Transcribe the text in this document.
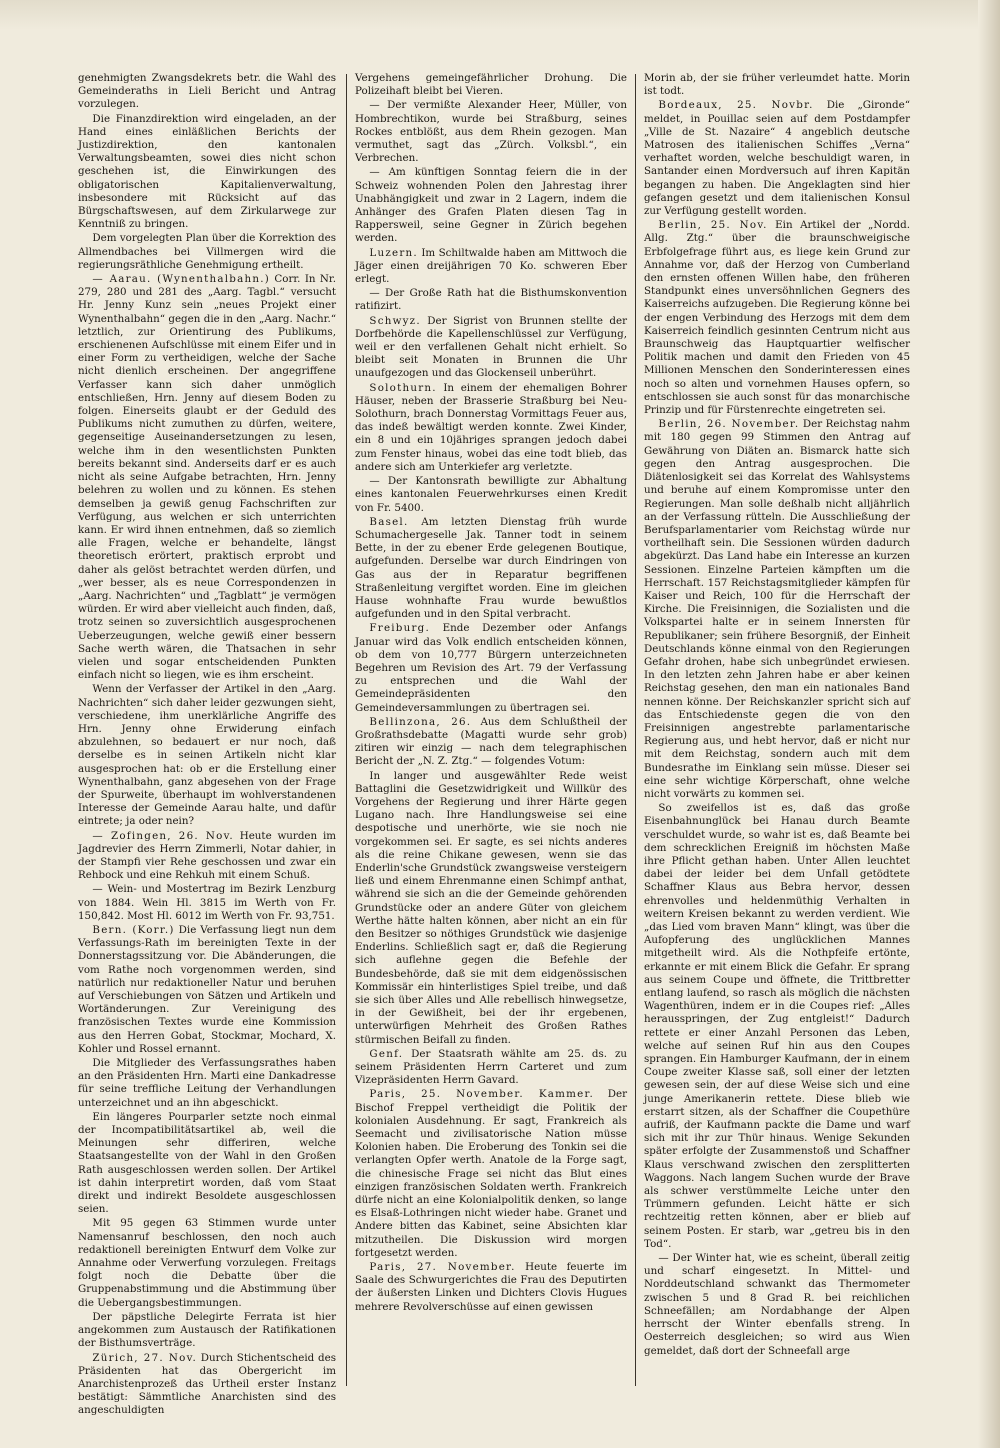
genehmigten Zwangsdekrets betr. die Wahl des Gemeinderaths in Lieli Bericht und Antrag vorzulegen.

Die Finanzdirektion wird eingeladen, an der Hand eines einläßlichen Berichts der Justizdirektion, den kantonalen Verwaltungsbeamten, sowei dies nicht schon geschehen ist, die Einwirkungen des obligatorischen Kapitalienverwaltung, insbesondere mit Rücksicht auf das Bürgschaftswesen, auf dem Zirkularwege zur Kenntniß zu bringen.

Dem vorgelegten Plan über die Korrektion des Allmendbaches bei Villmergen wird die regierungsräthliche Genehmigung ertheilt.

— Aarau. (Wynenthalbahn.) Corr. In Nr. 279, 280 und 281 des „Aarg. Tagbl.“ versucht Hr. Jenny Kunz sein „neues Projekt einer Wynenthalbahn“ gegen die in den „Aarg. Nachr.“ letztlich, zur Orientirung des Publikums, erschienenen Aufschlüsse mit einem Eifer und in einer Form zu vertheidigen, welche der Sache nicht dienlich erscheinen. Der angegriffene Verfasser kann sich daher unmöglich entschließen, Hrn. Jenny auf diesem Boden zu folgen. Einerseits glaubt er der Geduld des Publikums nicht zumuthen zu dürfen, weitere, gegenseitige Auseinandersetzungen zu lesen, welche ihm in den wesentlichsten Punkten bereits bekannt sind. Anderseits darf er es auch nicht als seine Aufgabe betrachten, Hrn. Jenny belehren zu wollen und zu können. Es stehen demselben ja gewiß genug Fachschriften zur Verfügung, aus welchen er sich unterrichten kann. Er wird ihnen entnehmen, daß so ziemlich alle Fragen, welche er behandelte, längst theoretisch erörtert, praktisch erprobt und daher als gelöst betrachtet werden dürfen, und „wer besser, als es neue Correspondenzen in „Aarg. Nachrichten“ und „Tagblatt“ je vermögen würden. Er wird aber vielleicht auch finden, daß, trotz seinen so zuversichtlich ausgesprochenen Ueberzeugungen, welche gewiß einer bessern Sache werth wären, die Thatsachen in sehr vielen und sogar entscheidenden Punkten einfach nicht so liegen, wie es ihm erscheint.

Wenn der Verfasser der Artikel in den „Aarg. Nachrichten“ sich daher leider gezwungen sieht, verschiedene, ihm unerklärliche Angriffe des Hrn. Jenny ohne Erwiderung einfach abzulehnen, so bedauert er nur noch, daß derselbe es in seinen Artikeln nicht klar ausgesprochen hat: ob er die Erstellung einer Wynenthalbahn, ganz abgesehen von der Frage der Spurweite, überhaupt im wohlverstandenen Interesse der Gemeinde Aarau halte, und dafür eintrete; ja oder nein?

— Zofingen, 26. Nov. Heute wurden im Jagdrevier des Herrn Zimmerli, Notar dahier, in der Stampfi vier Rehe geschossen und zwar ein Rehbock und eine Rehkuh mit einem Schuß.

— Wein- und Mostertrag im Bezirk Lenzburg von 1884. Wein Hl. 3815 im Werth von Fr. 150,842. Most Hl. 6012 im Werth von Fr. 93,751.

Bern. (Korr.) Die Verfassung liegt nun dem Verfassungs-Rath im bereinigten Texte in der Donnerstagssitzung vor. Die Abänderungen, die vom Rathe noch vorgenommen werden, sind natürlich nur redaktioneller Natur und beruhen auf Verschiebungen von Sätzen und Artikeln und Wortänderungen. Zur Vereinigung des französischen Textes wurde eine Kommission aus den Herren Gobat, Stockmar, Mochard, X. Kohler und Rossel ernannt.

Die Mitglieder des Verfassungsrathes haben an den Präsidenten Hrn. Marti eine Dankadresse für seine treffliche Leitung der Verhandlungen unterzeichnet und an ihn abgeschickt.

Ein längeres Pourparler setzte noch einmal der Incompatibilitätsartikel ab, weil die Meinungen sehr differiren, welche Staatsangestellte von der Wahl in den Großen Rath ausgeschlossen werden sollen. Der Artikel ist dahin interpretirt worden, daß vom Staat direkt und indirekt Besoldete ausgeschlossen seien.

Mit 95 gegen 63 Stimmen wurde unter Namensanruf beschlossen, den noch auch redaktionell bereinigten Entwurf dem Volke zur Annahme oder Verwerfung vorzulegen. Freitags folgt noch die Debatte über die Gruppenabstimmung und die Abstimmung über die Uebergangsbestimmungen.

Der päpstliche Delegirte Ferrata ist hier angekommen zum Austausch der Ratifikationen der Bisthumsverträge.

Zürich, 27. Nov. Durch Stichentscheid des Präsidenten hat das Obergericht im Anarchistenprozeß das Urtheil erster Instanz bestätigt: Sämmtliche Anarchisten sind des angeschuldigten

Vergehens gemeingefährlicher Drohung. Die Polizeihaft bleibt bei Vieren.

— Der vermißte Alexander Heer, Müller, von Hombrechtikon, wurde bei Straßburg, seines Rockes entblößt, aus dem Rhein gezogen. Man vermuthet, sagt das „Zürch. Volksbl.“, ein Verbrechen.

— Am künftigen Sonntag feiern die in der Schweiz wohnenden Polen den Jahrestag ihrer Unabhängigkeit und zwar in 2 Lagern, indem die Anhänger des Grafen Platen diesen Tag in Rappersweil, seine Gegner in Zürich begehen werden.

Luzern. Im Schiltwalde haben am Mittwoch die Jäger einen dreijährigen 70 Ko. schweren Eber erlegt.

— Der Große Rath hat die Bisthumskonvention ratifizirt.

Schwyz. Der Sigrist von Brunnen stellte der Dorfbehörde die Kapellenschlüssel zur Verfügung, weil er den verfallenen Gehalt nicht erhielt. So bleibt seit Monaten in Brunnen die Uhr unaufgezogen und das Glockenseil unberührt.

Solothurn. In einem der ehemaligen Bohrer Häuser, neben der Brasserie Straßburg bei Neu-Solothurn, brach Donnerstag Vormittags Feuer aus, das indeß bewältigt werden konnte. Zwei Kinder, ein 8 und ein 10jähriges sprangen jedoch dabei zum Fenster hinaus, wobei das eine todt blieb, das andere sich am Unterkiefer arg verletzte.

— Der Kantonsrath bewilligte zur Abhaltung eines kantonalen Feuerwehrkurses einen Kredit von Fr. 5400.

Basel. Am letzten Dienstag früh wurde Schumachergeselle Jak. Tanner todt in seinem Bette, in der zu ebener Erde gelegenen Boutique, aufgefunden. Derselbe war durch Eindringen von Gas aus der in Reparatur begriffenen Straßenleitung vergiftet worden. Eine im gleichen Hause wohnhafte Frau wurde bewußtlos aufgefunden und in den Spital verbracht.

Freiburg. Ende Dezember oder Anfangs Januar wird das Volk endlich entscheiden können, ob dem von 10,777 Bürgern unterzeichneten Begehren um Revision des Art. 79 der Verfassung zu entsprechen und die Wahl der Gemeindepräsidenten den Gemeindeversammlungen zu übertragen sei.

Bellinzona, 26. Aus dem Schlußtheil der Großrathsdebatte (Magatti wurde sehr grob) zitiren wir einzig — nach dem telegraphischen Bericht der „N. Z. Ztg.“ — folgendes Votum:

In langer und ausgewählter Rede weist Battaglini die Gesetzwidrigkeit und Willkür des Vorgehens der Regierung und ihrer Härte gegen Lugano nach. Ihre Handlungsweise sei eine despotische und unerhörte, wie sie noch nie vorgekommen sei. Er sagte, es sei nichts anderes als die reine Chikane gewesen, wenn sie das Enderlin'sche Grundstück zwangsweise versteigern ließ und einem Ehrenmanne einen Schimpf anthat, während sie sich an die der Gemeinde gehörenden Grundstücke oder an andere Güter von gleichem Werthe hätte halten können, aber nicht an ein für den Besitzer so nöthiges Grundstück wie dasjenige Enderlins. Schließlich sagt er, daß die Regierung sich auflehne gegen die Befehle der Bundesbehörde, daß sie mit dem eidgenössischen Kommissär ein hinterlistiges Spiel treibe, und daß sie sich über Alles und Alle rebellisch hinwegsetze, in der Gewißheit, bei der ihr ergebenen, unterwürfigen Mehrheit des Großen Rathes stürmischen Beifall zu finden.

Genf. Der Staatsrath wählte am 25. ds. zu seinem Präsidenten Herrn Carteret und zum Vizepräsidenten Herrn Gavard.

Paris, 25. November. Kammer. Der Bischof Freppel vertheidigt die Politik der kolonialen Ausdehnung. Er sagt, Frankreich als Seemacht und zivilisatorische Nation müsse Kolonien haben. Die Eroberung des Tonkin sei die verlangten Opfer werth. Anatole de la Forge sagt, die chinesische Frage sei nicht das Blut eines einzigen französischen Soldaten werth. Frankreich dürfe nicht an eine Kolonialpolitik denken, so lange es Elsaß-Lothringen nicht wieder habe. Granet und Andere bitten das Kabinet, seine Absichten klar mitzutheilen. Die Diskussion wird morgen fortgesetzt werden.

Paris, 27. November. Heute feuerte im Saale des Schwurgerichtes die Frau des Deputirten der äußersten Linken und Dichters Clovis Hugues mehrere Revolverschüsse auf einen gewissen

Morin ab, der sie früher verleumdet hatte. Morin ist todt.

Bordeaux, 25. Novbr. Die „Gironde“ meldet, in Pouillac seien auf dem Postdampfer „Ville de St. Nazaire“ 4 angeblich deutsche Matrosen des italienischen Schiffes „Verna“ verhaftet worden, welche beschuldigt waren, in Santander einen Mordversuch auf ihren Kapitän begangen zu haben. Die Angeklagten sind hier gefangen gesetzt und dem italienischen Konsul zur Verfügung gestellt worden.

Berlin, 25. Nov. Ein Artikel der „Nordd. Allg. Ztg.“ über die braunschweigische Erbfolgefrage führt aus, es liege kein Grund zur Annahme vor, daß der Herzog von Cumberland den ernsten offenen Willen habe, den früheren Standpunkt eines unversöhnlichen Gegners des Kaiserreichs aufzugeben. Die Regierung könne bei der engen Verbindung des Herzogs mit dem dem Kaiserreich feindlich gesinnten Centrum nicht aus Braunschweig das Hauptquartier welfischer Politik machen und damit den Frieden von 45 Millionen Menschen den Sonderinteressen eines noch so alten und vornehmen Hauses opfern, so entschlossen sie auch sonst für das monarchische Prinzip und für Fürstenrechte eingetreten sei.

Berlin, 26. November. Der Reichstag nahm mit 180 gegen 99 Stimmen den Antrag auf Gewährung von Diäten an. Bismarck hatte sich gegen den Antrag ausgesprochen. Die Diätenlosigkeit sei das Korrelat des Wahlsystems und beruhe auf einem Kompromisse unter den Regierungen. Man solle deßhalb nicht alljährlich an der Verfassung rütteln. Die Ausschließung der Berufsparlamentarier vom Reichstag würde nur vortheilhaft sein. Die Sessionen würden dadurch abgekürzt. Das Land habe ein Interesse an kurzen Sessionen. Einzelne Parteien kämpften um die Herrschaft. 157 Reichstagsmitglieder kämpfen für Kaiser und Reich, 100 für die Herrschaft der Kirche. Die Freisinnigen, die Sozialisten und die Volkspartei halte er in seinem Innersten für Republikaner; sein frühere Besorgniß, der Einheit Deutschlands könne einmal von den Regierungen Gefahr drohen, habe sich unbegründet erwiesen. In den letzten zehn Jahren habe er aber keinen Reichstag gesehen, den man ein nationales Band nennen könne. Der Reichskanzler spricht sich auf das Entschiedenste gegen die von den Freisinnigen angestrebte parlamentarische Regierung aus, und hebt hervor, daß er nicht nur mit dem Reichstag, sondern auch mit dem Bundesrathe im Einklang sein müsse. Dieser sei eine sehr wichtige Körperschaft, ohne welche nicht vorwärts zu kommen sei.

So zweifellos ist es, daß das große Eisenbahnunglück bei Hanau durch Beamte verschuldet wurde, so wahr ist es, daß Beamte bei dem schrecklichen Ereigniß im höchsten Maße ihre Pflicht gethan haben. Unter Allen leuchtet dabei der leider bei dem Unfall getödtete Schaffner Klaus aus Bebra hervor, dessen ehrenvolles und heldenmüthig Verhalten in weitern Kreisen bekannt zu werden verdient. Wie „das Lied vom braven Mann“ klingt, was über die Aufopferung des unglücklichen Mannes mitgetheilt wird. Als die Nothpfeife ertönte, erkannte er mit einem Blick die Gefahr. Er sprang aus seinem Coupe und öffnete, die Trittbretter entlang laufend, so rasch als möglich die nächsten Wagenthüren, indem er in die Coupes rief: „Alles herausspringen, der Zug entgleist!“ Dadurch rettete er einer Anzahl Personen das Leben, welche auf seinen Ruf hin aus den Coupes sprangen. Ein Hamburger Kaufmann, der in einem Coupe zweiter Klasse saß, soll einer der letzten gewesen sein, der auf diese Weise sich und eine junge Amerikanerin rettete. Diese blieb wie erstarrt sitzen, als der Schaffner die Coupethüre aufriß, der Kaufmann packte die Dame und warf sich mit ihr zur Thür hinaus. Wenige Sekunden später erfolgte der Zusammenstoß und Schaffner Klaus verschwand zwischen den zersplitterten Waggons. Nach langem Suchen wurde der Brave als schwer verstümmelte Leiche unter den Trümmern gefunden. Leicht hätte er sich rechtzeitig retten können, aber er blieb auf seinem Posten. Er starb, war „getreu bis in den Tod“.

— Der Winter hat, wie es scheint, überall zeitig und scharf eingesetzt. In Mittel- und Norddeutschland schwankt das Thermometer zwischen 5 und 8 Grad R. bei reichlichen Schneefällen; am Nordabhange der Alpen herrscht der Winter ebenfalls streng. In Oesterreich desgleichen; so wird aus Wien gemeldet, daß dort der Schneefall arge
